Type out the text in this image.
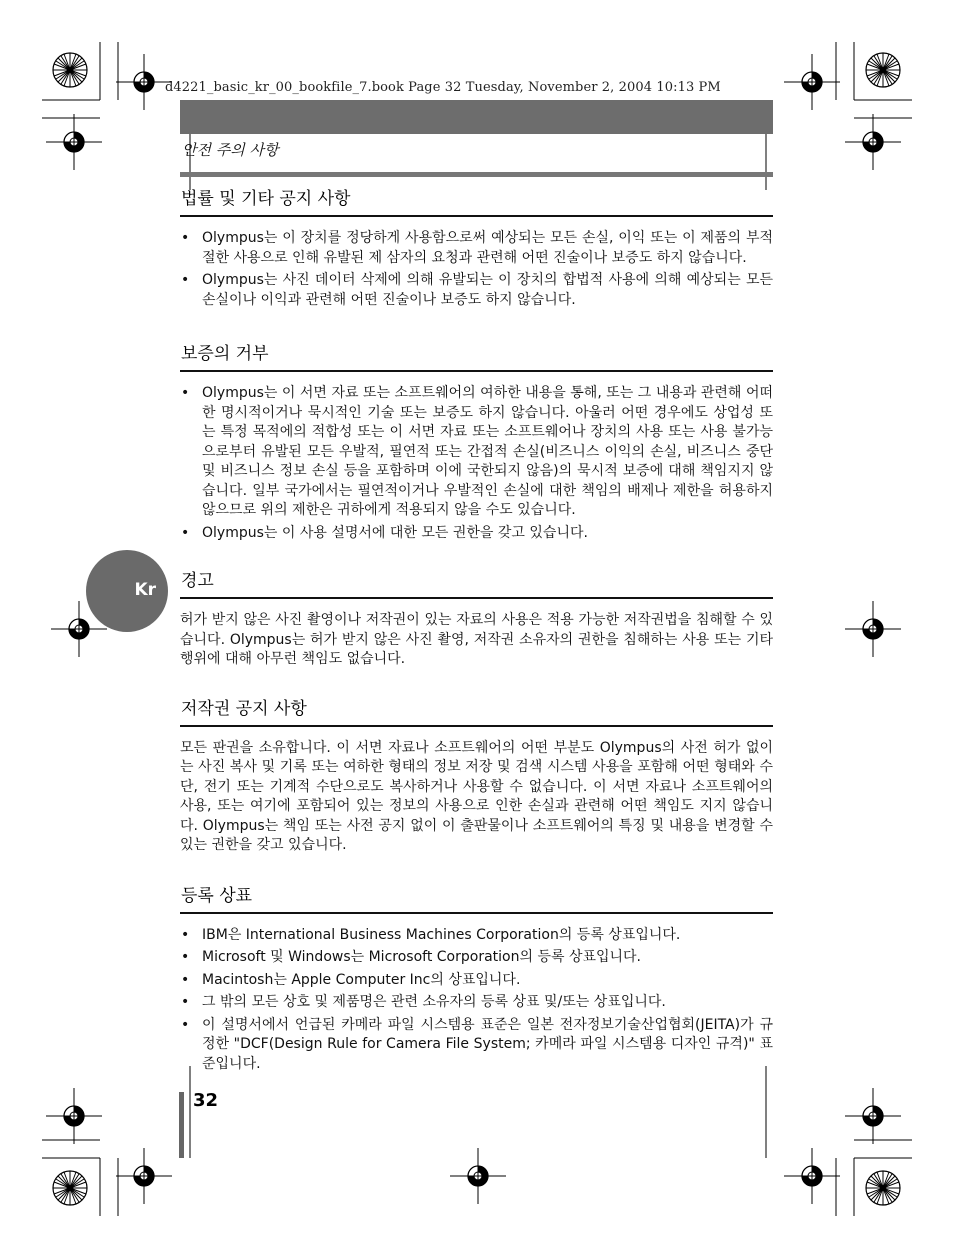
d4221_basic_kr_00_bookfile_7.book Page 32 Tuesday, November 2, 2004 10:13 PM
안전 주의 사항
Kr
법률 및 기타 공지 사항
• Olympus는 이 장치를 정당하게 사용함으로써 예상되는 모든 손실, 이익 또는 이 제품의 부적절한 사용으로 인해 유발된 제 삼자의 요청과 관련해 어떤 진술이나 보증도 하지 않습니다.
• Olympus는 사진 데이터 삭제에 의해 유발되는 이 장치의 합법적 사용에 의해 예상되는 모든 손실이나 이익과 관련해 어떤 진술이나 보증도 하지 않습니다.
보증의 거부
• Olympus는 이 서면 자료 또는 소프트웨어의 여하한 내용을 통해, 또는 그 내용과 관련해 어떠한 명시적이거나 묵시적인 기술 또는 보증도 하지 않습니다. 아울러 어떤 경우에도 상업성 또는 특정 목적에의 적합성 또는 이 서면 자료 또는 소프트웨어나 장치의 사용 또는 사용 불가능으로부터 유발된 모든 우발적, 필연적 또는 간접적 손실(비즈니스 이익의 손실, 비즈니스 중단 및 비즈니스 정보 손실 등을 포함하며 이에 국한되지 않음)의 묵시적 보증에 대해 책임지지 않습니다. 일부 국가에서는 필연적이거나 우발적인 손실에 대한 책임의 배제나 제한을 허용하지 않으므로 위의 제한은 귀하에게 적용되지 않을 수도 있습니다.
• Olympus는 이 사용 설명서에 대한 모든 권한을 갖고 있습니다.
경고

허가 받지 않은 사진 촬영이나 저작권이 있는 자료의 사용은 적용 가능한 저작권법을 침해할 수 있습니다. Olympus는 허가 받지 않은 사진 촬영, 저작권 소유자의 권한을 침해하는 사용 또는 기타 행위에 대해 아무런 책임도 없습니다.

저작권 공지 사항

모든 판권을 소유합니다. 이 서면 자료나 소프트웨어의 어떤 부분도 Olympus의 사전 허가 없이는 사진 복사 및 기록 또는 여하한 형태의 정보 저장 및 검색 시스템 사용을 포함해 어떤 형태와 수단, 전기 또는 기계적 수단으로도 복사하거나 사용할 수 없습니다. 이 서면 자료나 소프트웨어의 사용, 또는 여기에 포함되어 있는 정보의 사용으로 인한 손실과 관련해 어떤 책임도 지지 않습니다. Olympus는 책임 또는 사전 공지 없이 이 출판물이나 소프트웨어의 특징 및 내용을 변경할 수 있는 권한을 갖고 있습니다.

등록 상표
• IBM은 International Business Machines Corporation의 등록 상표입니다.
• Microsoft 및 Windows는 Microsoft Corporation의 등록 상표입니다.
• Macintosh는 Apple Computer Inc의 상표입니다.
• 그 밖의 모든 상호 및 제품명은 관련 소유자의 등록 상표 및/또는 상표입니다.
• 이 설명서에서 언급된 카메라 파일 시스템용 표준은 일본 전자정보기술산업협회(JEITA)가 규정한 "DCF(Design Rule for Camera File System; 카메라 파일 시스템용 디자인 규격)" 표준입니다.
32
